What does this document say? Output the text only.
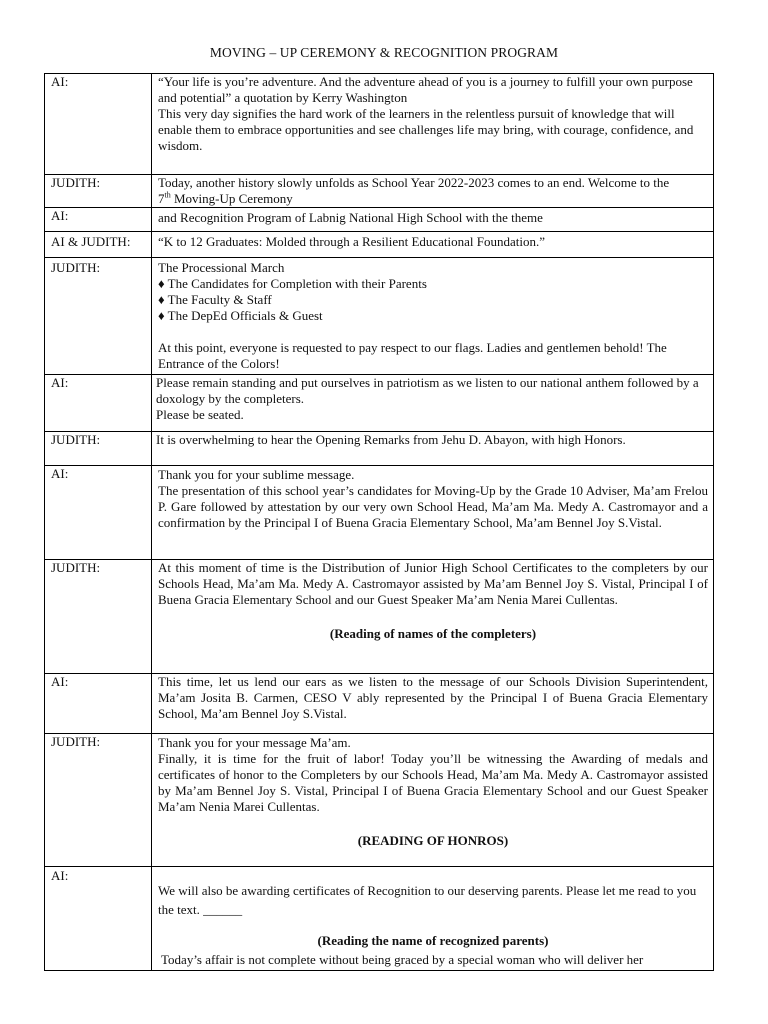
MOVING – UP CEREMONY & RECOGNITION PROGRAM
AI:	“Your life is you’re adventure. And the adventure ahead of you is a journey to fulfill your own purpose and potential” a quotation by Kerry Washington
This very day signifies the hard work of the learners in the relentless pursuit of knowledge that will enable them to embrace opportunities and see challenges life may bring, with courage, confidence, and wisdom.

JUDITH:	Today, another history slowly unfolds as School Year 2022-2023 comes to an end. Welcome to the
7th Moving-Up Ceremony
AI:	and Recognition Program of Labnig National High School with the theme

AI & JUDITH:	“K to 12 Graduates: Molded through a Resilient Educational Foundation.”

JUDITH:	The Processional March
♦ The Candidates for Completion with their Parents
♦ The Faculty & Staff
♦ The DepEd Officials & Guest
At this point, everyone is requested to pay respect to our flags. Ladies and gentlemen behold! The Entrance of the Colors!

AI:	Please remain standing and put ourselves in patriotism as we listen to our national anthem followed by a doxology by the completers.
Please be seated.

JUDITH:	It is overwhelming to hear the Opening Remarks from Jehu D. Abayon, with high Honors.

AI:	Thank you for your sublime message.
The presentation of this school year’s candidates for Moving-Up by the Grade 10 Adviser, Ma’am Frelou P. Gare followed by attestation by our very own School Head, Ma’am Ma. Medy A. Castromayor and a confirmation by the Principal I of Buena Gracia Elementary School, Ma’am Bennel Joy S.Vistal.

JUDITH:	At this moment of time is the Distribution of Junior High School Certificates to the completers by our Schools Head, Ma’am Ma. Medy A. Castromayor assisted by Ma’am Bennel Joy S. Vistal, Principal I of Buena Gracia Elementary School and our Guest Speaker Ma’am Nenia Marei Cullentas.
(Reading of names of the completers)

AI:	This time, let us lend our ears as we listen to the message of our Schools Division Superintendent, Ma’am Josita B. Carmen, CESO V ably represented by the Principal I of Buena Gracia Elementary School, Ma’am Bennel Joy S.Vistal.

JUDITH:	Thank you for your message Ma’am.
Finally, it is time for the fruit of labor! Today you’ll be witnessing the Awarding of medals and certificates of honor to the Completers by our Schools Head, Ma’am Ma. Medy A. Castromayor assisted by Ma’am Bennel Joy S. Vistal, Principal I of Buena Gracia Elementary School and our Guest Speaker Ma’am Nenia Marei Cullentas.
(READING OF HONROS)

AI:	We will also be awarding certificates of Recognition to our deserving parents. Please let me read to you the text. ______
(Reading the name of recognized parents)
Today’s affair is not complete without being graced by a special woman who will deliver her
